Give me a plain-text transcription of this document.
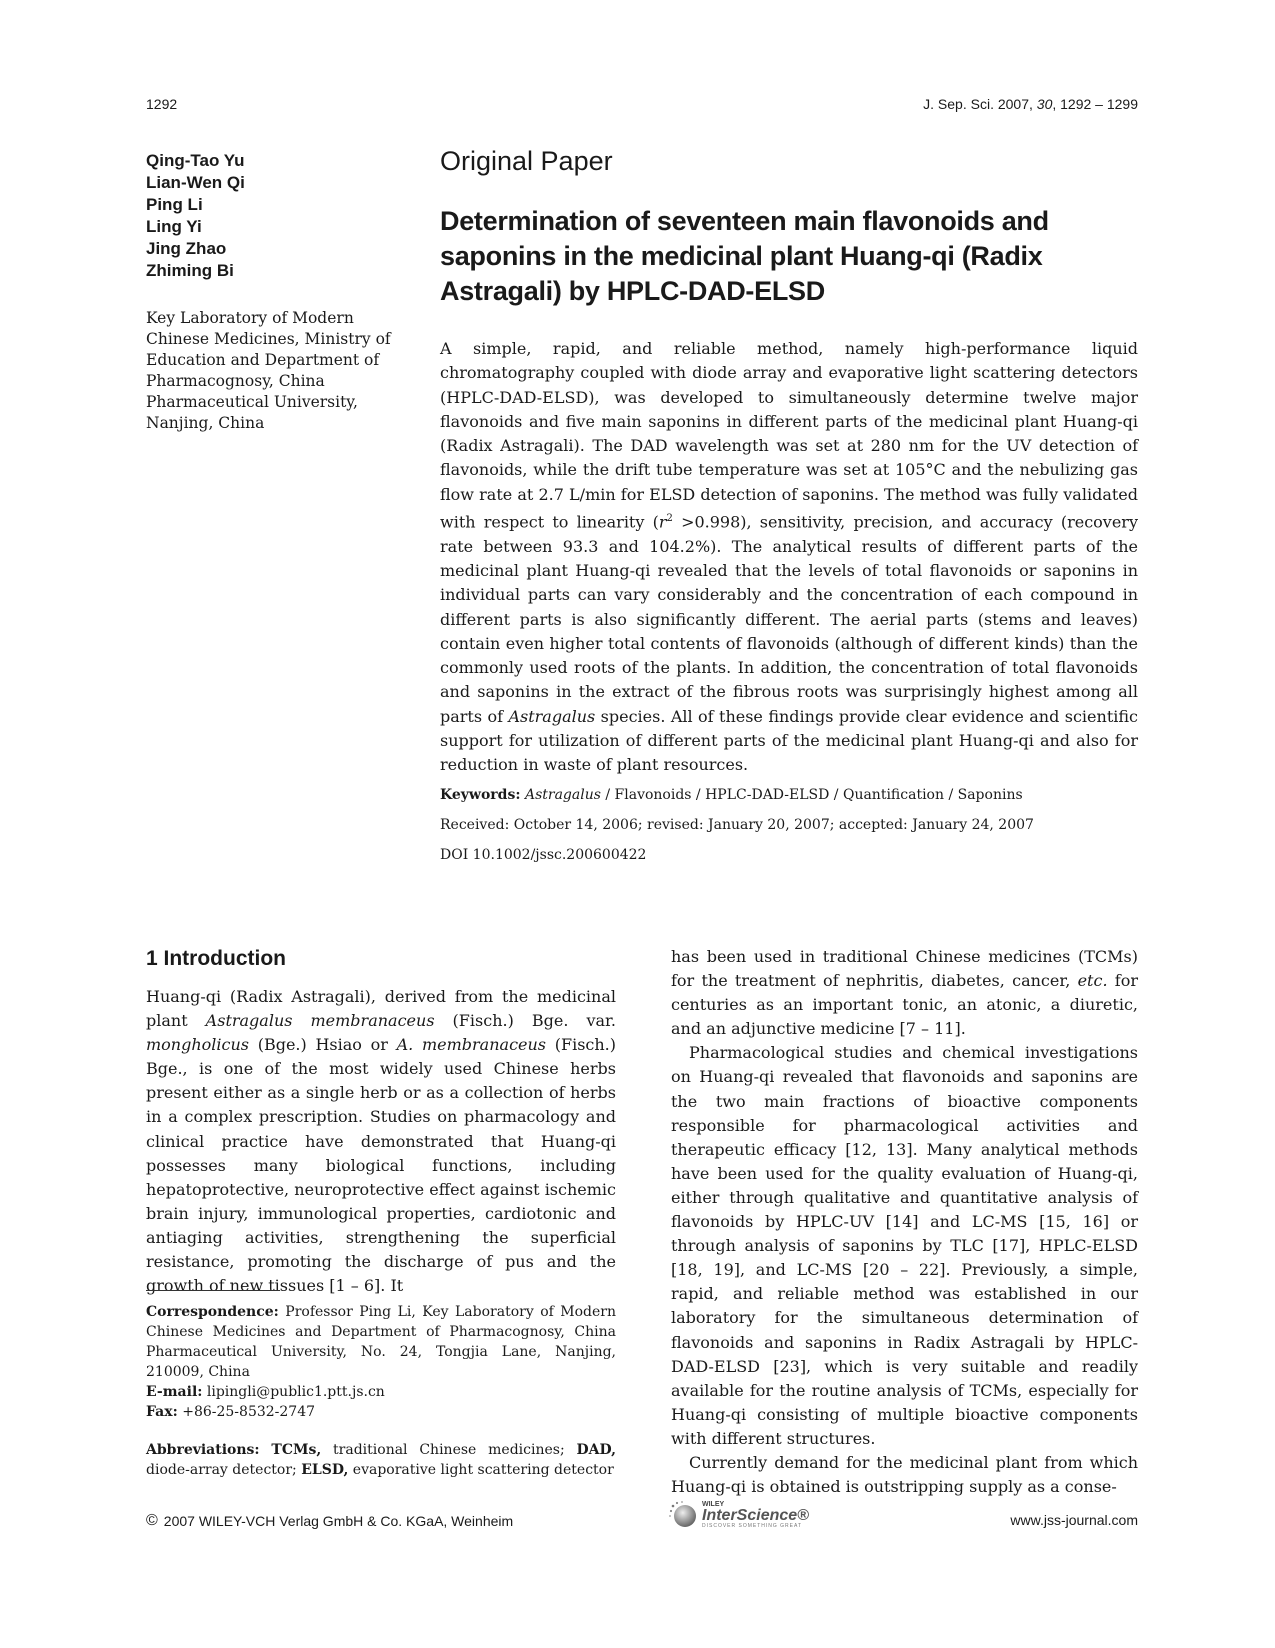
1292	J. Sep. Sci. 2007, 30, 1292 – 1299
Qing-Tao Yu
Lian-Wen Qi
Ping Li
Ling Yi
Jing Zhao
Zhiming Bi
Key Laboratory of Modern Chinese Medicines, Ministry of Education and Department of Pharmacognosy, China Pharmaceutical University, Nanjing, China
Original Paper
Determination of seventeen main flavonoids and saponins in the medicinal plant Huang-qi (Radix Astragali) by HPLC-DAD-ELSD
A simple, rapid, and reliable method, namely high-performance liquid chromatography coupled with diode array and evaporative light scattering detectors (HPLC-DAD-ELSD), was developed to simultaneously determine twelve major flavonoids and five main saponins in different parts of the medicinal plant Huang-qi (Radix Astragali). The DAD wavelength was set at 280 nm for the UV detection of flavonoids, while the drift tube temperature was set at 105°C and the nebulizing gas flow rate at 2.7 L/min for ELSD detection of saponins. The method was fully validated with respect to linearity $(r^2 >0.998)$, sensitivity, precision, and accuracy (recovery rate between 93.3 and 104.2%). The analytical results of different parts of the medicinal plant Huang-qi revealed that the levels of total flavonoids or saponins in individual parts can vary considerably and the concentration of each compound in different parts is also significantly different. The aerial parts (stems and leaves) contain even higher total contents of flavonoids (although of different kinds) than the commonly used roots of the plants. In addition, the concentration of total flavonoids and saponins in the extract of the fibrous roots was surprisingly highest among all parts of Astragalus species. All of these findings provide clear evidence and scientific support for utilization of different parts of the medicinal plant Huang-qi and also for reduction in waste of plant resources.
Keywords: Astragalus / Flavonoids / HPLC-DAD-ELSD / Quantification / Saponins
Received: October 14, 2006; revised: January 20, 2007; accepted: January 24, 2007
DOI 10.1002/jssc.200600422
1 Introduction

Huang-qi (Radix Astragali), derived from the medicinal plant Astragalus membranaceus (Fisch.) Bge. var. mongholicus (Bge.) Hsiao or A. membranaceus (Fisch.) Bge., is one of the most widely used Chinese herbs present either as a single herb or as a collection of herbs in a complex prescription. Studies on pharmacology and clinical practice have demonstrated that Huang-qi possesses many biological functions, including hepatoprotective, neuroprotective effect against ischemic brain injury, immunological properties, cardiotonic and antiaging activities, strengthening the superficial resistance, promoting the discharge of pus and the growth of new tissues [1 – 6]. It

has been used in traditional Chinese medicines (TCMs) for the treatment of nephritis, diabetes, cancer, etc. for centuries as an important tonic, an atonic, a diuretic, and an adjunctive medicine [7 – 11].

Pharmacological studies and chemical investigations on Huang-qi revealed that flavonoids and saponins are the two main fractions of bioactive components responsible for pharmacological activities and therapeutic efficacy [12, 13]. Many analytical methods have been used for the quality evaluation of Huang-qi, either through qualitative and quantitative analysis of flavonoids by HPLC-UV [14] and LC-MS [15, 16] or through analysis of saponins by TLC [17], HPLC-ELSD [18, 19], and LC-MS [20 – 22]. Previously, a simple, rapid, and reliable method was established in our laboratory for the simultaneous determination of flavonoids and saponins in Radix Astragali by HPLC-DAD-ELSD [23], which is very suitable and readily available for the routine analysis of TCMs, especially for Huang-qi consisting of multiple bioactive components with different structures.

Currently demand for the medicinal plant from which Huang-qi is obtained is outstripping supply as a conse-

Correspondence: Professor Ping Li, Key Laboratory of Modern Chinese Medicines and Department of Pharmacognosy, China Pharmaceutical University, No. 24, Tongjia Lane, Nanjing, 210009, China
E-mail: lipingli@public1.ptt.js.cn
Fax: +86-25-8532-2747
Abbreviations: TCMs, traditional Chinese medicines; DAD, diode-array detector; ELSD, evaporative light scattering detector
© 2007 WILEY-VCH Verlag GmbH & Co. KGaA, Weinheim
WILEY
InterScience®
DISCOVER SOMETHING GREAT	www.jss-journal.com
